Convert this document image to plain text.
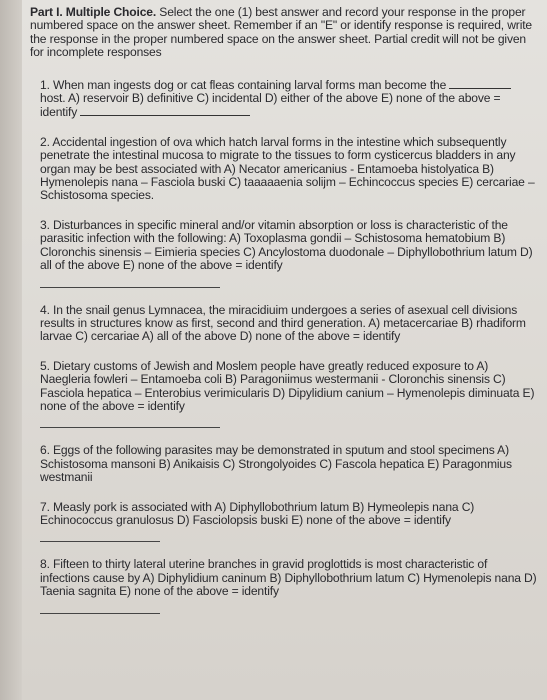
Part I. Multiple Choice. Select the one (1) best answer and record your response in the proper numbered space on the answer sheet. Remember if an "E" or identify response is required, write the response in the proper numbered space on the answer sheet. Partial credit will not be given for incomplete responses

1. When man ingests dog or cat fleas containing larval forms man become the  host. A) reservoir B) definitive C) incidental D) either of the above E) none of the above = identify
2. Accidental ingestion of ova which hatch larval forms in the intestine which subsequently penetrate the intestinal mucosa to migrate to the tissues to form cysticercus bladders in any organ may be best associated with A) Necator americanius - Entamoeba histolyatica B) Hymenolepis nana – Fasciola buski C) taaaaaenia solijm – Echincoccus species E) cercariae – Schistosoma species.
3. Disturbances in specific mineral and/or vitamin absorption or loss is characteristic of the parasitic infection with the following: A) Toxoplasma gondii – Schistosoma hematobium B) Cloronchis sinensis – Eimieria species C) Ancylostoma duodonale – Diphyllobothrium latum D) all of the above E) none of the above = identify
4. In the snail genus Lymnacea, the miracidiuim undergoes a series of asexual cell divisions results in structures know as first, second and third generation. A) metacercariae B) rhadiform larvae C) cercariae A) all of the above D) none of the above = identify
5. Dietary customs of Jewish and Moslem people have greatly reduced exposure to A) Naegleria fowleri – Entamoeba coli B) Paragoniimus westermanii - Cloronchis sinensis C) Fasciola hepatica – Enterobius verimicularis D) Dipylidium canium – Hymenolepis diminuata E) none of the above = identify
6. Eggs of the following parasites may be demonstrated in sputum and stool specimens A) Schistosoma mansoni B) Anikaisis C) Strongolyoides C) Fascola hepatica E) Paragonmius westmanii
7. Measly pork is associated with A) Diphyllobothrium latum B) Hymeolepis nana C) Echinococcus granulosus D) Fasciolopsis buski E) none of the above = identify
8. Fifteen to thirty lateral uterine branches in gravid proglottids is most characteristic of infections cause by A) Diphylidium caninum B) Diphyllobothrium latum C) Hymenolepis nana D) Taenia sagnita E) none of the above = identify
